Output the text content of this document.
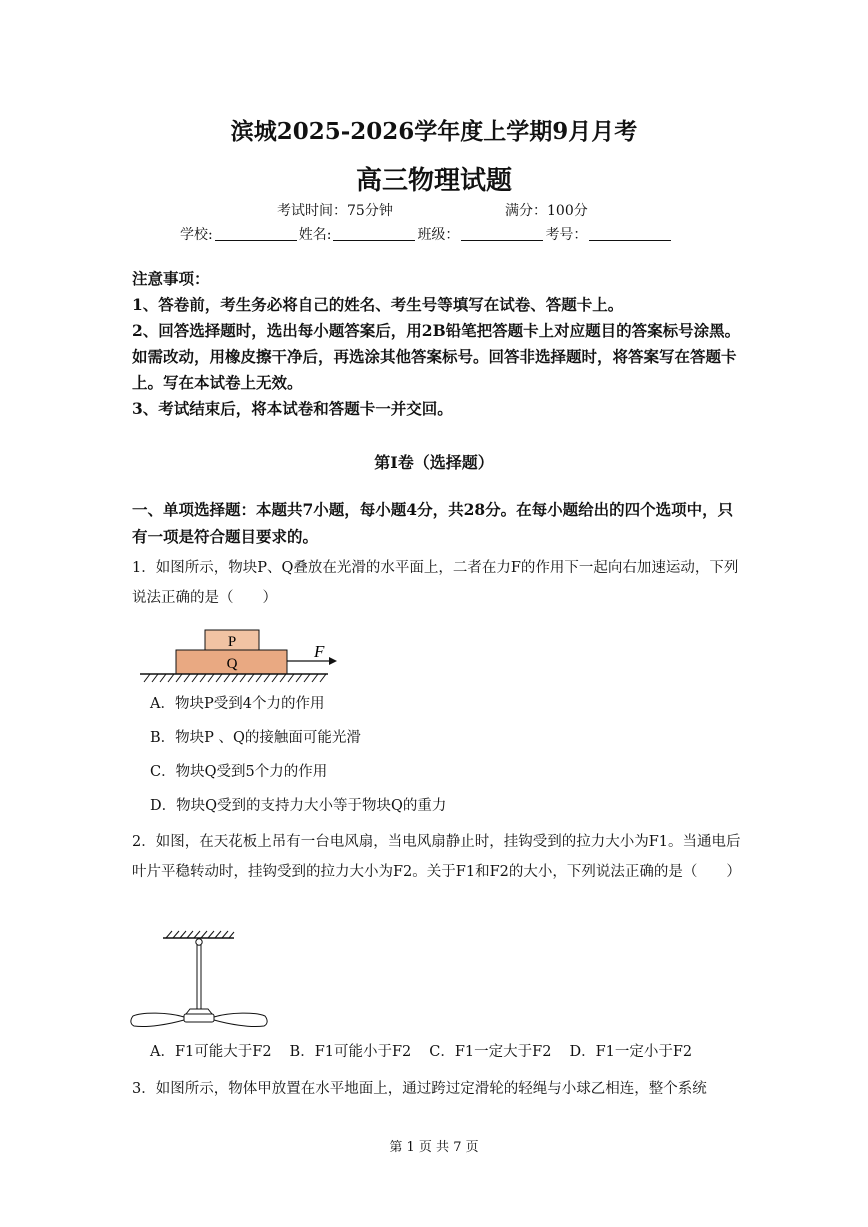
滨城2025-2026学年度上学期9月月考
高三物理试题
考试时间：75分钟	满分：100分
学校:	姓名:	班级：	考号：
注意事项：
1、答卷前，考生务必将自己的姓名、考生号等填写在试卷、答题卡上。
2、回答选择题时，选出每小题答案后，用2B铅笔把答题卡上对应题目的答案标号涂黑。如需改动，用橡皮擦干净后，再选涂其他答案标号。回答非选择题时，将答案写在答题卡上。写在本试卷上无效。
3、考试结束后，将本试卷和答题卡一并交回。
第Ⅰ卷（选择题）
一、单项选择题：本题共7小题，每小题4分，共28分。在每小题给出的四个选项中，只有一项是符合题目要求的。
1．如图所示，物块P、Q叠放在光滑的水平面上，二者在力F的作用下一起向右加速运动，下列说法正确的是（　　）
P
Q
F
A．物块P受到4个力的作用
B．物块P 、Q的接触面可能光滑
C．物块Q受到5个力的作用
D．物块Q受到的支持力大小等于物块Q的重力
2．如图，在天花板上吊有一台电风扇，当电风扇静止时，挂钩受到的拉力大小为F1。当通电后叶片平稳转动时，挂钩受到的拉力大小为F2。关于F1和F2的大小，下列说法正确的是（　　）
A．F1可能大于F2 B．F1可能小于F2 C．F1一定大于F2 D．F1一定小于F2
3．如图所示，物体甲放置在水平地面上，通过跨过定滑轮的轻绳与小球乙相连，整个系统
第 1 页 共 7 页
